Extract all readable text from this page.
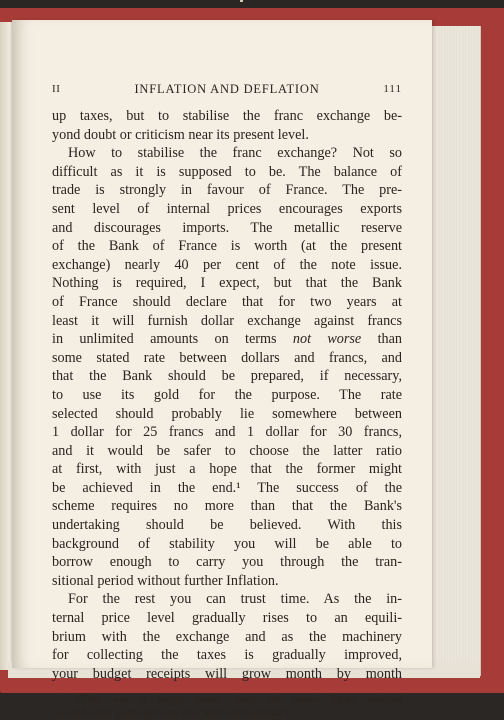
II	INFLATION AND DEFLATION	111
up taxes, but to stabilise the franc exchange be-
yond doubt or criticism near its present level.
How to stabilise the franc exchange? Not so
difficult as it is supposed to be. The balance of
trade is strongly in favour of France. The pre-
sent level of internal prices encourages exports
and discourages imports. The metallic reserve
of the Bank of France is worth (at the present
exchange) nearly 40 per cent of the note issue.
Nothing is required, I expect, but that the Bank
of France should declare that for two years at
least it will furnish dollar exchange against francs
in unlimited amounts on terms not worse than
some stated rate between dollars and francs, and
that the Bank should be prepared, if necessary,
to use its gold for the purpose. The rate
selected should probably lie somewhere between
1 dollar for 25 francs and 1 dollar for 30 francs,
and it would be safer to choose the latter ratio
at first, with just a hope that the former might
be achieved in the end.¹ The success of the
scheme requires no more than that the Bank's
undertaking should be believed. With this
background of stability you will be able to
borrow enough to carry you through the tran-
sitional period without further Inflation.
For the rest you can trust time. As the in-
ternal price level gradually rises to an equili-
brium with the exchange and as the machinery
for collecting the taxes is gradually improved,
your budget receipts will grow month by month
¹ [This was a happy guess, since the actual figure adopted
two and a half years later was 25·5 francs to the dollar.]
